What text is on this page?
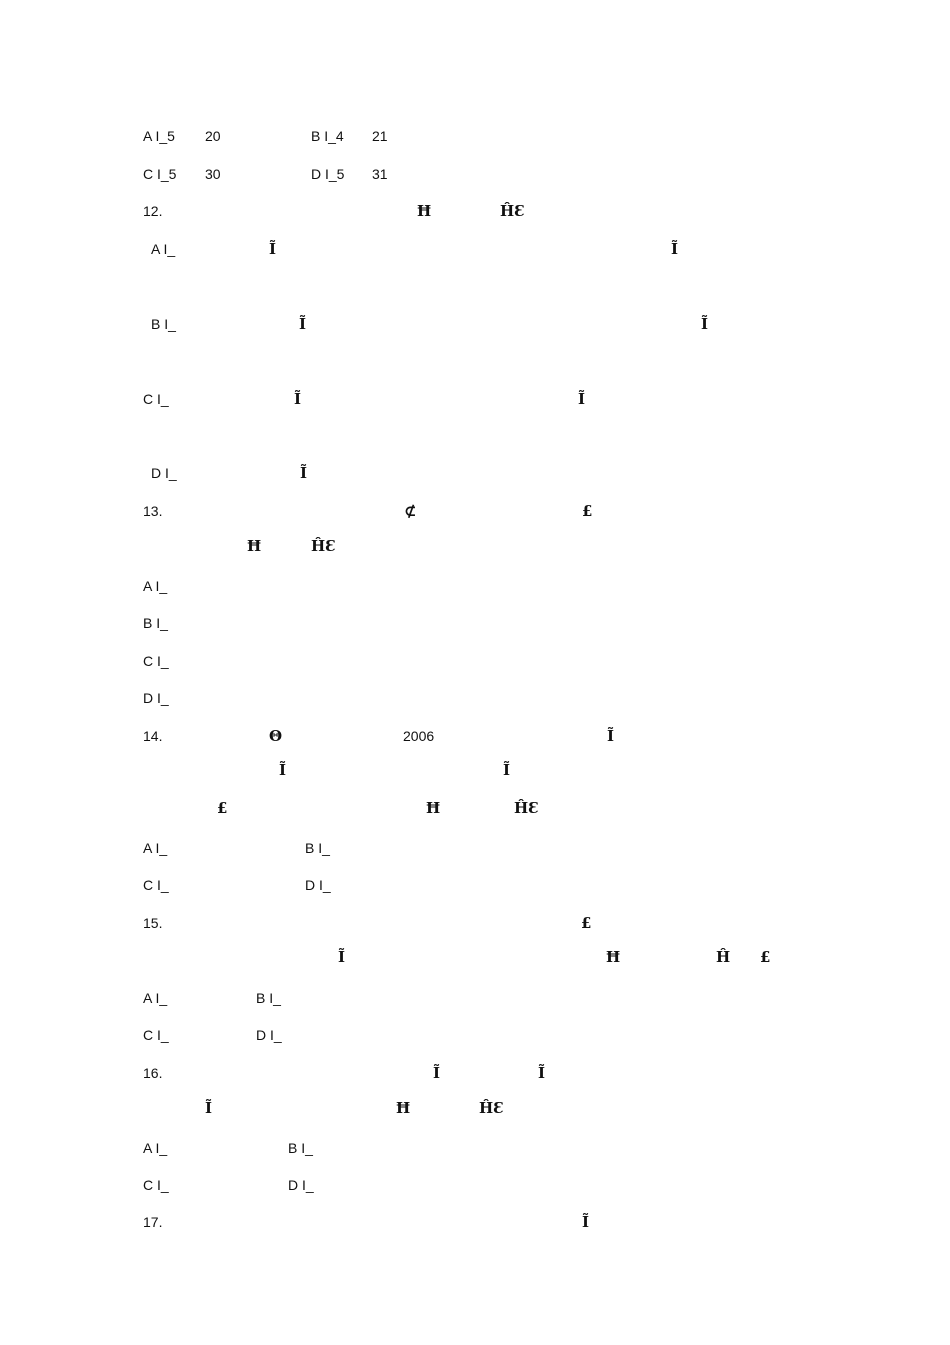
A I͏_5 20	B I͏_4 21
C I͏_5 30	D I͏_5 31
12.	Ħ	ĤƐ
A I͏_	Ĩ	Ĩ
B I͏_	Ĩ	Ĩ
C I͏_	Ĩ	Ĩ
D I͏_	Ĩ
13.	⊄	£
Ħ	ĤƐ
A I͏_
B I͏_
C I͏_
D I͏_
14.	Θ	2006	Ĩ
Ĩ	Ĩ
£	Ħ	ĤƐ
A I͏_	B I͏_
C I͏_	D I͏_
15.	£
Ĩ	Ħ	Ĥ £
A I͏_	B I͏_
C I͏_	D I͏_
16.	Ĩ	Ĩ
Ĩ	Ħ	ĤƐ
A I͏_	B I͏_
C I͏_	D I͏_
17.	Ĩ
